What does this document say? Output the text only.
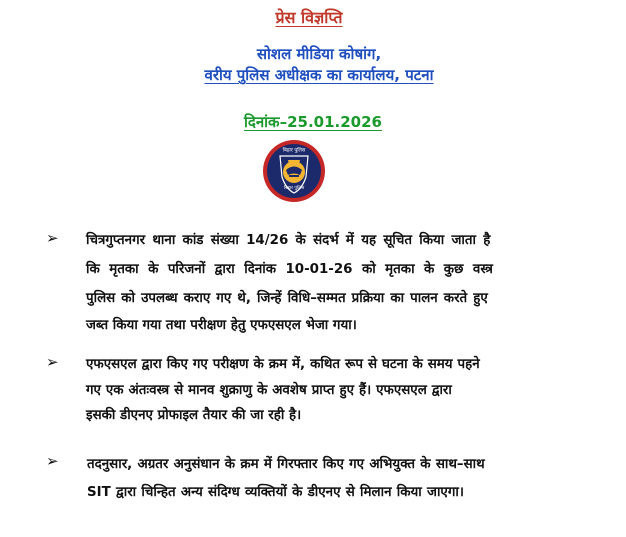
प्रेस विज्ञप्ति
सोशल मीडिया कोषांग,
वरीय पुलिस अधीक्षक का कार्यालय, पटना
दिनांक–25.01.2026
बिहार पुलिस
बिहार पुलिस
➢ चित्रगुप्तनगर थाना कांड संख्या 14/26 के संदर्भ में यह सूचित किया जाता है
कि मृतका के परिजनों द्वारा दिनांक 10-01-26 को मृतका के कुछ वस्त्र
पुलिस को उपलब्ध कराए गए थे, जिन्हें विधि–सम्मत प्रक्रिया का पालन करते हुए
जब्त किया गया तथा परीक्षण हेतु एफएसएल भेजा गया।
➢ एफएसएल द्वारा किए गए परीक्षण के क्रम में, कथित रूप से घटना के समय पहने
गए एक अंतःवस्त्र से मानव शुक्राणु के अवशेष प्राप्त हुए हैं। एफएसएल द्वारा
इसकी डीएनए प्रोफाइल तैयार की जा रही है।
➢ तदनुसार, अग्रतर अनुसंधान के क्रम में गिरफ्तार किए गए अभियुक्त के साथ–साथ
SIT द्वारा चिन्हित अन्य संदिग्ध व्यक्तियों के डीएनए से मिलान किया जाएगा।
